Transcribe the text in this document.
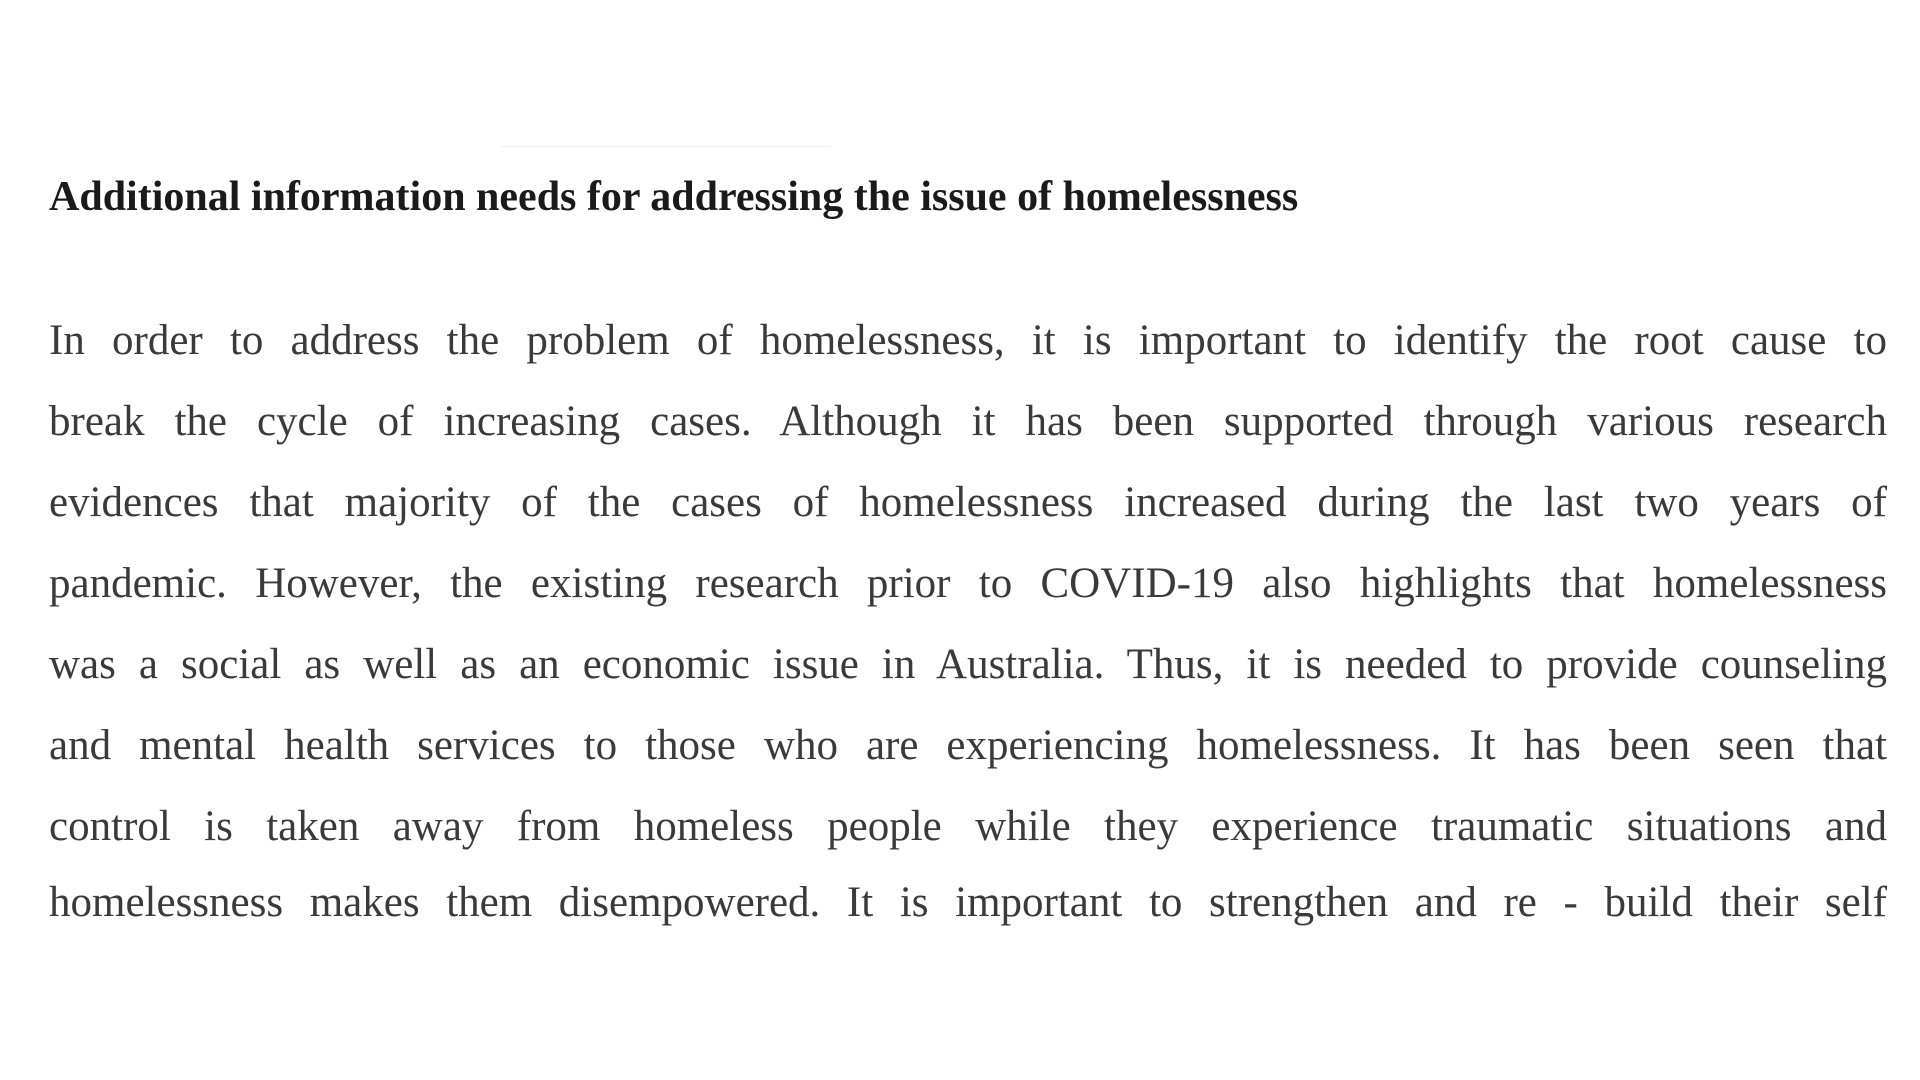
Additional information needs for addressing the issue of homelessness
In order to address the problem of homelessness, it is important to identify the root cause to
break the cycle of increasing cases. Although it has been supported through various research
evidences that majority of the cases of homelessness increased during the last two years of
pandemic. However, the existing research prior to COVID-19 also highlights that homelessness
was a social as well as an economic issue in Australia. Thus, it is needed to provide counseling
and mental health services to those who are experiencing homelessness. It has been seen that
control is taken away from homeless people while they experience traumatic situations and
homelessness makes them disempowered. It is important to strengthen and re - build their self
